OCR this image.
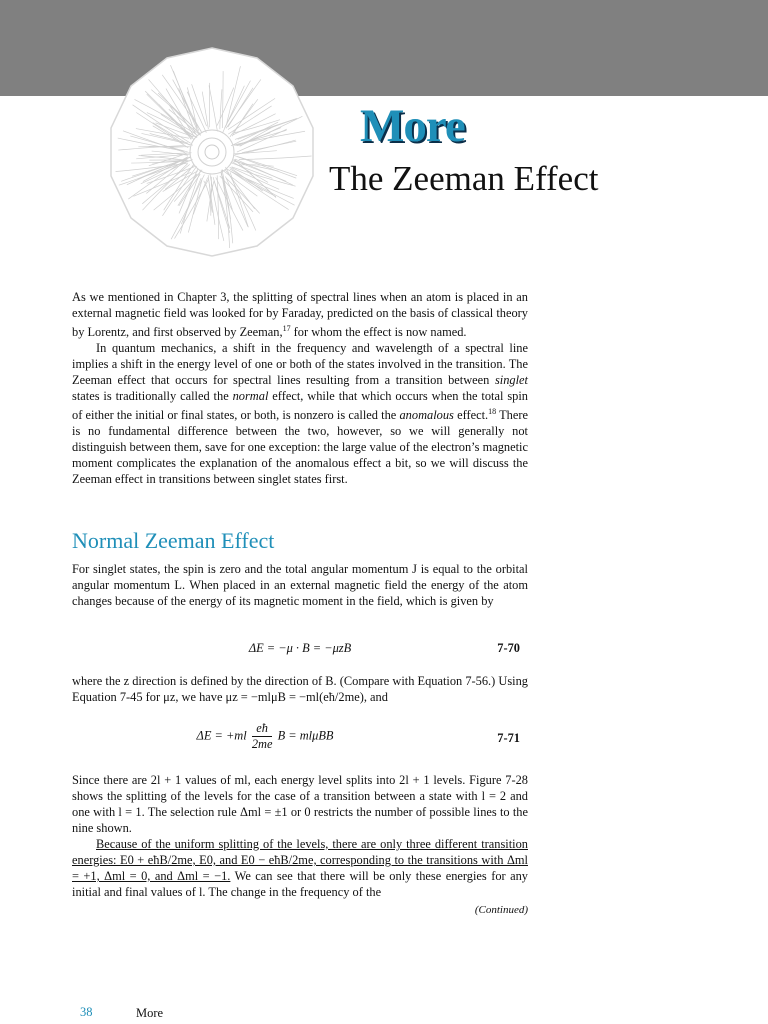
More
The Zeeman Effect

As we mentioned in Chapter 3, the splitting of spectral lines when an atom is placed in an external magnetic field was looked for by Faraday, predicted on the basis of classical theory by Lorentz, and first observed by Zeeman,$^{17}$ for whom the effect is now named.

In quantum mechanics, a shift in the frequency and wavelength of a spectral line implies a shift in the energy level of one or both of the states involved in the transition. The Zeeman effect that occurs for spectral lines resulting from a transition between singlet states is traditionally called the normal effect, while that which occurs when the total spin of either the initial or final states, or both, is nonzero is called the anomalous effect.$^{18}$ There is no fundamental difference between the two, however, so we will generally not distinguish between them, save for one exception: the large value of the electron’s magnetic moment complicates the explanation of the anomalous effect a bit, so we will discuss the Zeeman effect in transitions between singlet states first.

Normal Zeeman Effect
For singlet states, the spin is zero and the total angular momentum J is equal to the orbital angular momentum L. When placed in an external magnetic field the energy of the atom changes because of the energy of its magnetic moment in the field, which is given by
ΔE = −μ · B = −μzB	7-70
where the z direction is defined by the direction of B. (Compare with Equation 7-56.) Using Equation 7-45 for μz, we have μz = −mlμB = −ml(eħ/2me), and
$\Delta E = +ml \frac{eħ}{2me}$ B = mlμBB	7-71
Since there are 2l + 1 values of ml, each energy level splits into 2l + 1 levels. Figure 7-28 shows the splitting of the levels for the case of a transition between a state with l = 2 and one with l = 1. The selection rule Δml = ±1 or 0 restricts the number of possible lines to the nine shown.
Because of the uniform splitting of the levels, there are only three different transition energies: E0 + eħB/2me, E0, and E0 − eħB/2me, corresponding to the transitions with Δml = +1, Δml = 0, and Δml = −1. We can see that there will be only these energies for any initial and final values of l. The change in the frequency of the
(Continued)
38	More
